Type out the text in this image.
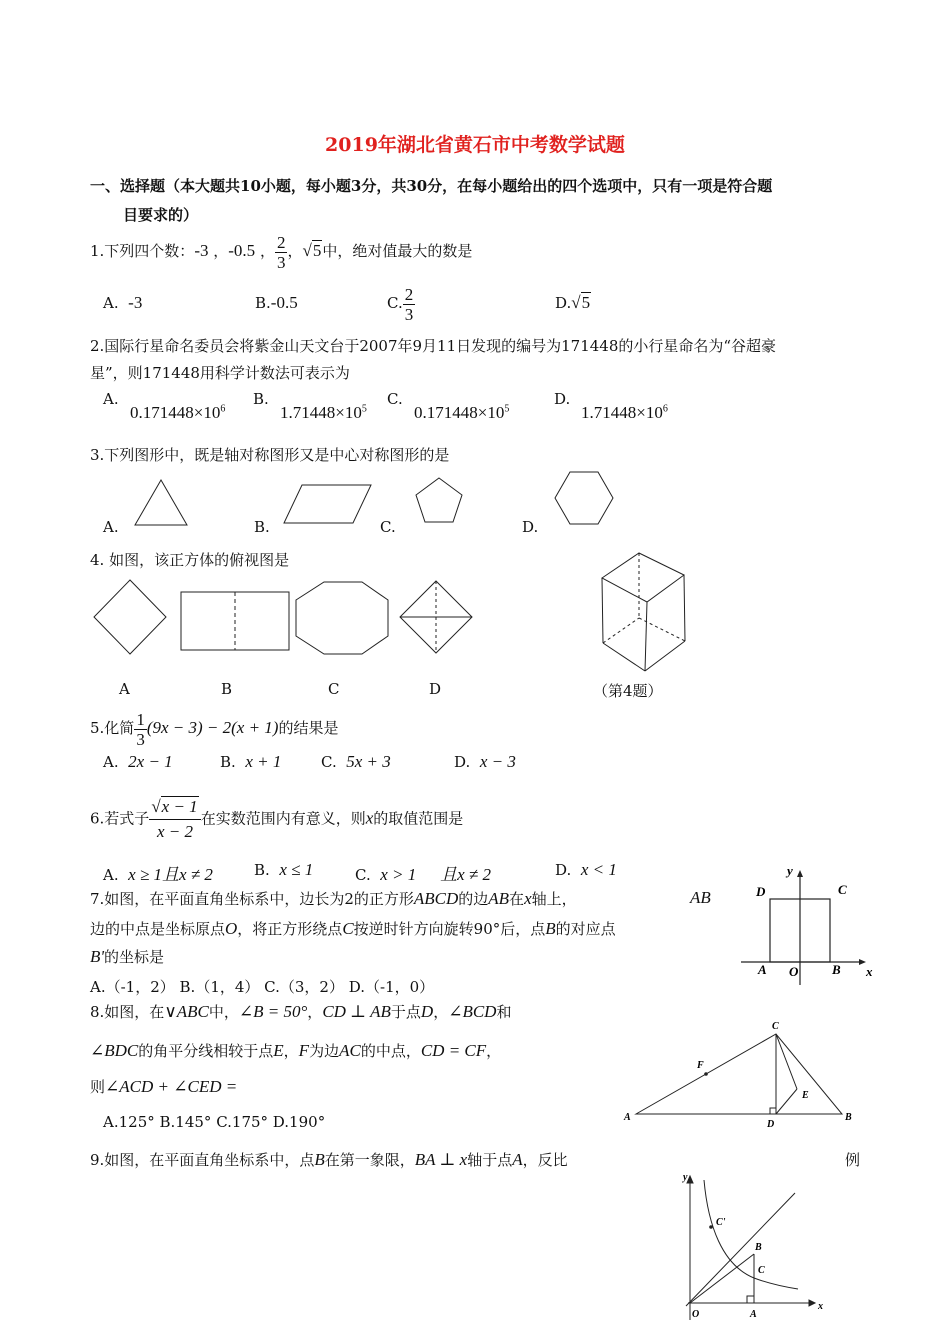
2019年湖北省黄石市中考数学试题
一、选择题（本大题共10小题，每小题3分，共30分，在每小题给出的四个选项中，只有一项是符合题
目要求的）
1.下列四个数：-3 ，-0.5 ， $\frac{2}{3}$ ，√5中，绝对值最大的数是
A. -3	B.-0.5	C. $\frac{2}{3}$	D.√5
2.国际行星命名委员会将紫金山天文台于2007年9月11日发现的编号为171448的小行星命名为“谷超豪
星”，则171448用科学计数法可表示为
A.
$0.171448\times 10^6$
B.
$1.71448\times 10^5$
C.
$0.171448\times 10^5$
D.
$1.71448\times 10^6$
3.下列图形中，既是轴对称图形又是中心对称图形的是
A.	B.	C.	D.
4. 如图，该正方体的俯视图是
A	B	C	D	（第4题）
5.化简 $\frac{1}{3} (9x - 3) - 2(x + 1)$的结果是
A. 2x − 1	B. x + 1	C. 5x + 3	D. x − 3
6.若式子 $\frac{√x - 1}{x - 2}$ 在实数范围内有意义，则x的取值范围是
A. x ≥ 1且x ≠ 2	B. x ≤ 1	C. x > 1 且x ≠ 2	D. x < 1
7.如图，在平面直角坐标系中，边长为2的正方形ABCD的边AB在x轴上，	AB
边的中点是坐标原点O，将正方形绕点C按逆时针方向旋转90°后，点B的对应点
B'的坐标是
A.（-1，2） B.（1，4） C.（3，2） D.（-1，0）
y
x
D	C
A O	B
8.如图，在∨ABC中，∠B = 50°，CD ⊥ AB于点D，∠BCD和
∠BDC的角平分线相较于点E，F为边AC的中点，CD = CF，
则∠ACD + ∠CED =
A.125° B.145° C.175° D.190°
C
F
E
A
D
B
9.如图，在平面直角坐标系中，点B在第一象限，BA ⊥ x轴于点A，反比	例
y
C'
B
C
O	A
x
